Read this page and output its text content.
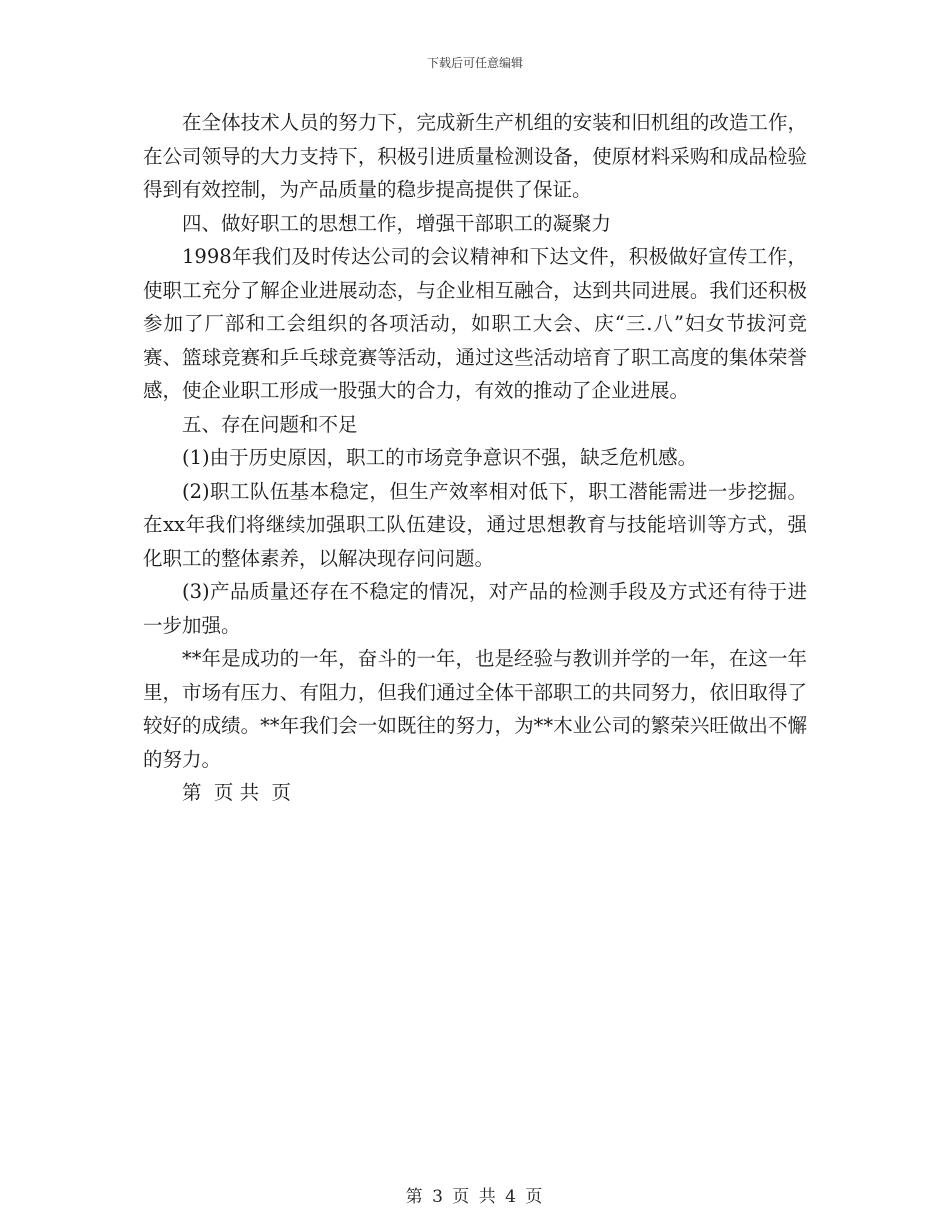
下载后可任意编辑

在全体技术人员的努力下，完成新生产机组的安装和旧机组的改造工作，在公司领导的大力支持下，积极引进质量检测设备，使原材料采购和成品检验得到有效控制，为产品质量的稳步提高提供了保证。

四、做好职工的思想工作，增强干部职工的凝聚力

1998年我们及时传达公司的会议精神和下达文件，积极做好宣传工作，使职工充分了解企业进展动态，与企业相互融合，达到共同进展。我们还积极参加了厂部和工会组织的各项活动，如职工大会、庆“三.八”妇女节拔河竞赛、篮球竞赛和乒乓球竞赛等活动，通过这些活动培育了职工高度的集体荣誉感，使企业职工形成一股强大的合力，有效的推动了企业进展。

五、存在问题和不足

(1)由于历史原因，职工的市场竞争意识不强，缺乏危机感。

(2)职工队伍基本稳定，但生产效率相对低下，职工潜能需进一步挖掘。在xx年我们将继续加强职工队伍建设，通过思想教育与技能培训等方式，强化职工的整体素养，以解决现存问问题。

(3)产品质量还存在不稳定的情况，对产品的检测手段及方式还有待于进一步加强。

**年是成功的一年，奋斗的一年，也是经验与教训并学的一年，在这一年里，市场有压力、有阻力，但我们通过全体干部职工的共同努力，依旧取得了较好的成绩。**年我们会一如既往的努力，为**木业公司的繁荣兴旺做出不懈的努力。

第  页 共  页

第 3 页 共 4 页
